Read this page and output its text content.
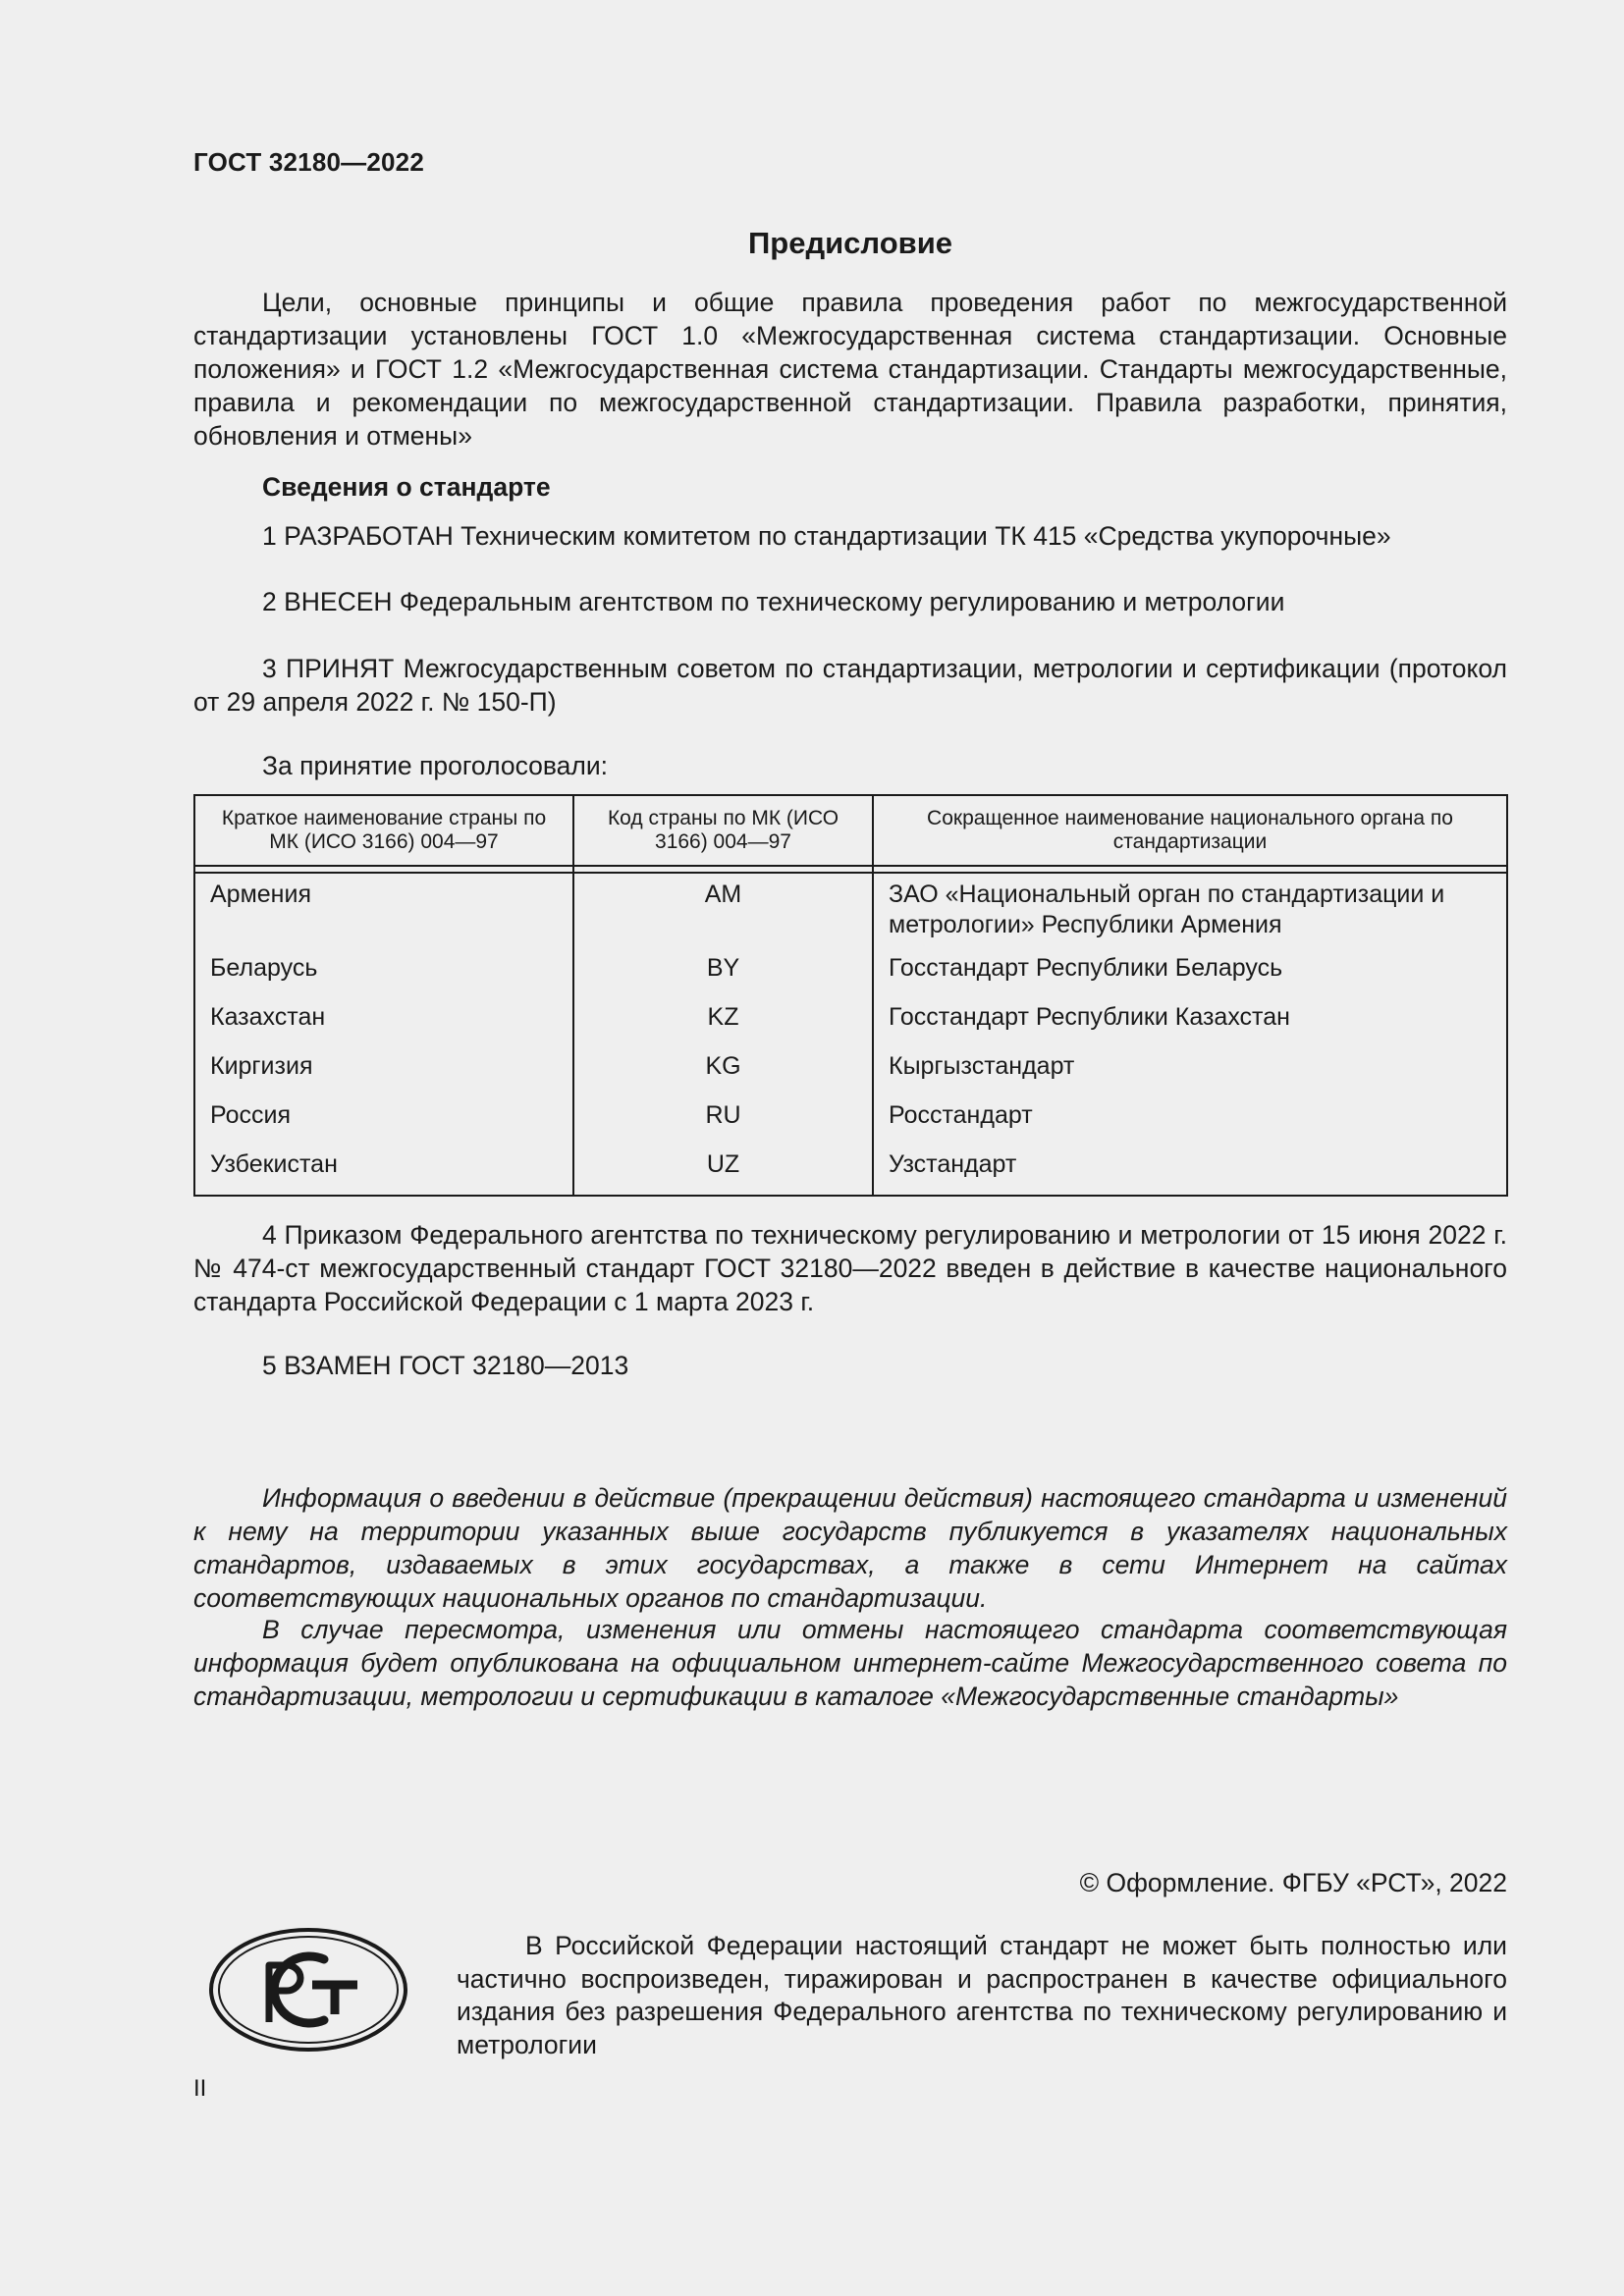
ГОСТ 32180—2022
Предисловие

Цели, основные принципы и общие правила проведения работ по межгосударственной стандартизации установлены ГОСТ 1.0 «Межгосударственная система стандартизации. Основные положения» и ГОСТ 1.2 «Межгосударственная система стандартизации. Стандарты межгосударственные, правила и рекомендации по межгосударственной стандартизации. Правила разработки, принятия, обновления и отмены»

Сведения о стандарте
1 РАЗРАБОТАН Техническим комитетом по стандартизации ТК 415 «Средства укупорочные»
2 ВНЕСЕН Федеральным агентством по техническому регулированию и метрологии

3 ПРИНЯТ Межгосударственным советом по стандартизации, метрологии и сертификации (протокол от 29 апреля 2022 г. № 150-П)

За принятие проголосовали:
Краткое наименование страны по МК (ИСО 3166) 004—97	Код страны по МК (ИСО 3166) 004—97	Сокращенное наименование национального органа по стандартизации

Армения	AM	ЗАО «Национальный орган по стандартизации и метрологии» Республики Армения
Беларусь	BY	Госстандарт Республики Беларусь
Казахстан	KZ	Госстандарт Республики Казахстан
Киргизия	KG	Кыргызстандарт
Россия	RU	Росстандарт
Узбекистан	UZ	Узстандарт

4 Приказом Федерального агентства по техническому регулированию и метрологии от 15 июня 2022 г. № 474-ст межгосударственный стандарт ГОСТ 32180—2022 введен в действие в качестве национального стандарта Российской Федерации с 1 марта 2023 г.

5 ВЗАМЕН ГОСТ 32180—2013

Информация о введении в действие (прекращении действия) настоящего стандарта и изменений к нему на территории указанных выше государств публикуется в указателях национальных стандартов, издаваемых в этих государствах, а также в сети Интернет на сайтах соответствующих национальных органов по стандартизации.

В случае пересмотра, изменения или отмены настоящего стандарта соответствующая информация будет опубликована на официальном интернет-сайте Межгосударственного совета по стандартизации, метрологии и сертификации в каталоге «Межгосударственные стандарты»

© Оформление. ФГБУ «РСТ», 2022
РСТ

В Российской Федерации настоящий стандарт не может быть полностью или частично воспроизведен, тиражирован и распространен в качестве официального издания без разрешения Федерального агентства по техническому регулированию и метрологии

II
